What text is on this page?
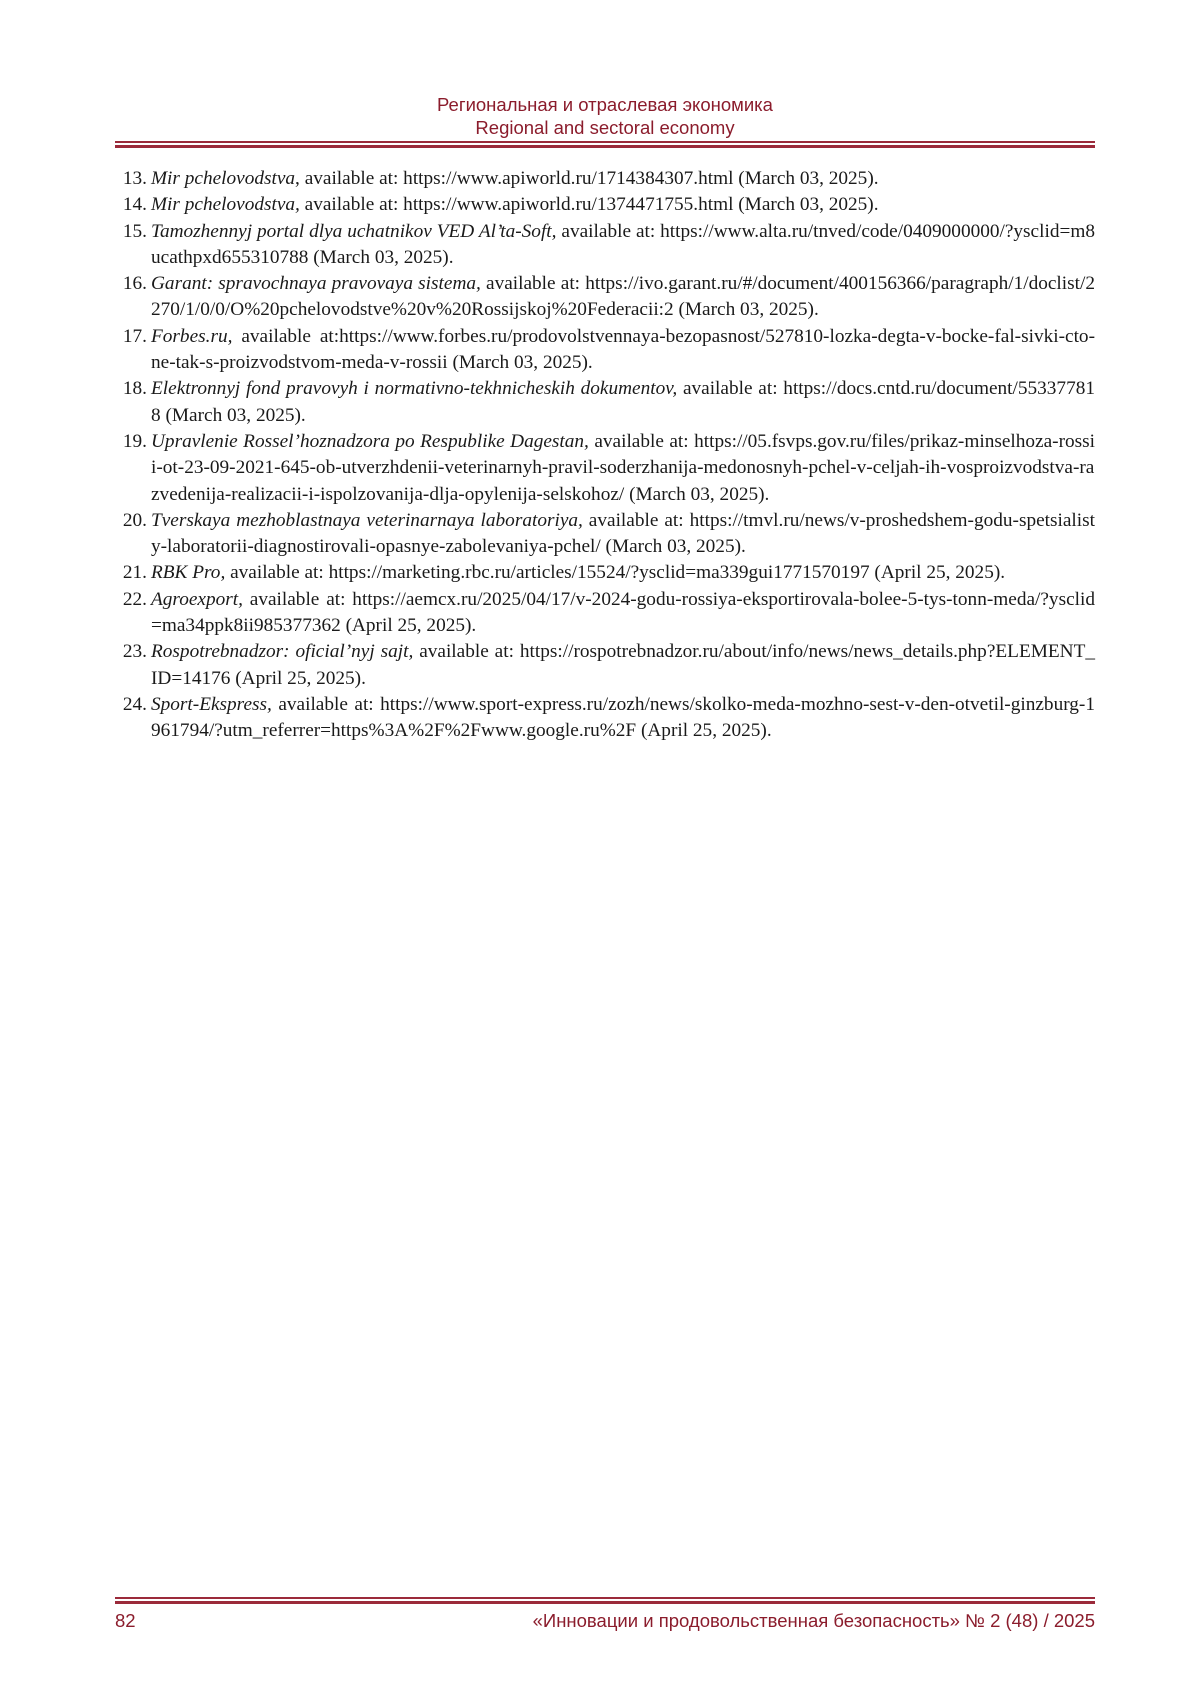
Региональная и отраслевая экономика
Regional and sectoral economy
13. Mir pchelovodstva, available at: https://www.apiworld.ru/1714384307.html (March 03, 2025).
14. Mir pchelovodstva, available at: https://www.apiworld.ru/1374471755.html (March 03, 2025).
15. Tamozhennyj portal dlya uchatnikov VED Al’ta-Soft, available at: https://www.alta.ru/tnved/code/0409000000/?ysclid=m8ucathpxd655310788 (March 03, 2025).
16. Garant: spravochnaya pravovaya sistema, available at: https://ivo.garant.ru/#/document/400156366/paragraph/1/doclist/2270/1/0/0/O%20pchelovodstve%20v%20Rossijskoj%20Federacii:2 (March 03, 2025).
17. Forbes.ru, available at:https://www.forbes.ru/prodovolstvennaya-bezopasnost/527810-lozka-degta-v-bocke-fal-sivki-cto-ne-tak-s-proizvodstvom-meda-v-rossii (March 03, 2025).
18. Elektronnyj fond pravovyh i normativno-tekhnicheskih dokumentov, available at: https://docs.cntd.ru/document/553377818 (March 03, 2025).
19. Upravlenie Rossel’hoznadzora po Respublike Dagestan, available at: https://05.fsvps.gov.ru/files/prikaz-minselhoza-rossii-ot-23-09-2021-645-ob-utverzhdenii-veterinarnyh-pravil-soderzhanija-medonosnyh-pchel-v-celjah-ih-vosproizvodstva-razvedenija-realizacii-i-ispolzovanija-dlja-opylenija-selskohoz/ (March 03, 2025).
20. Tverskaya mezhoblastnaya veterinarnaya laboratoriya, available at: https://tmvl.ru/news/v-proshedshem-godu-spetsialisty-laboratorii-diagnostirovali-opasnye-zabolevaniya-pchel/ (March 03, 2025).
21. RBK Pro, available at: https://marketing.rbc.ru/articles/15524/?ysclid=ma339gui1771570197 (April 25, 2025).
22. Agroexport, available at: https://aemcx.ru/2025/04/17/v-2024-godu-rossiya-eksportirovala-bolee-5-tys-tonn-meda/?ysclid=ma34ppk8ii985377362 (April 25, 2025).
23. Rospotrebnadzor: oficial’nyj sajt, available at: https://rospotrebnadzor.ru/about/info/news/news_details.php?ELEMENT_ID=14176 (April 25, 2025).
24. Sport-Ekspress, available at: https://www.sport-express.ru/zozh/news/skolko-meda-mozhno-sest-v-den-otvetil-ginzburg-1961794/?utm_referrer=https%3A%2F%2Fwww.google.ru%2F (April 25, 2025).
82	«Инновации и продовольственная безопасность» № 2 (48) / 2025
